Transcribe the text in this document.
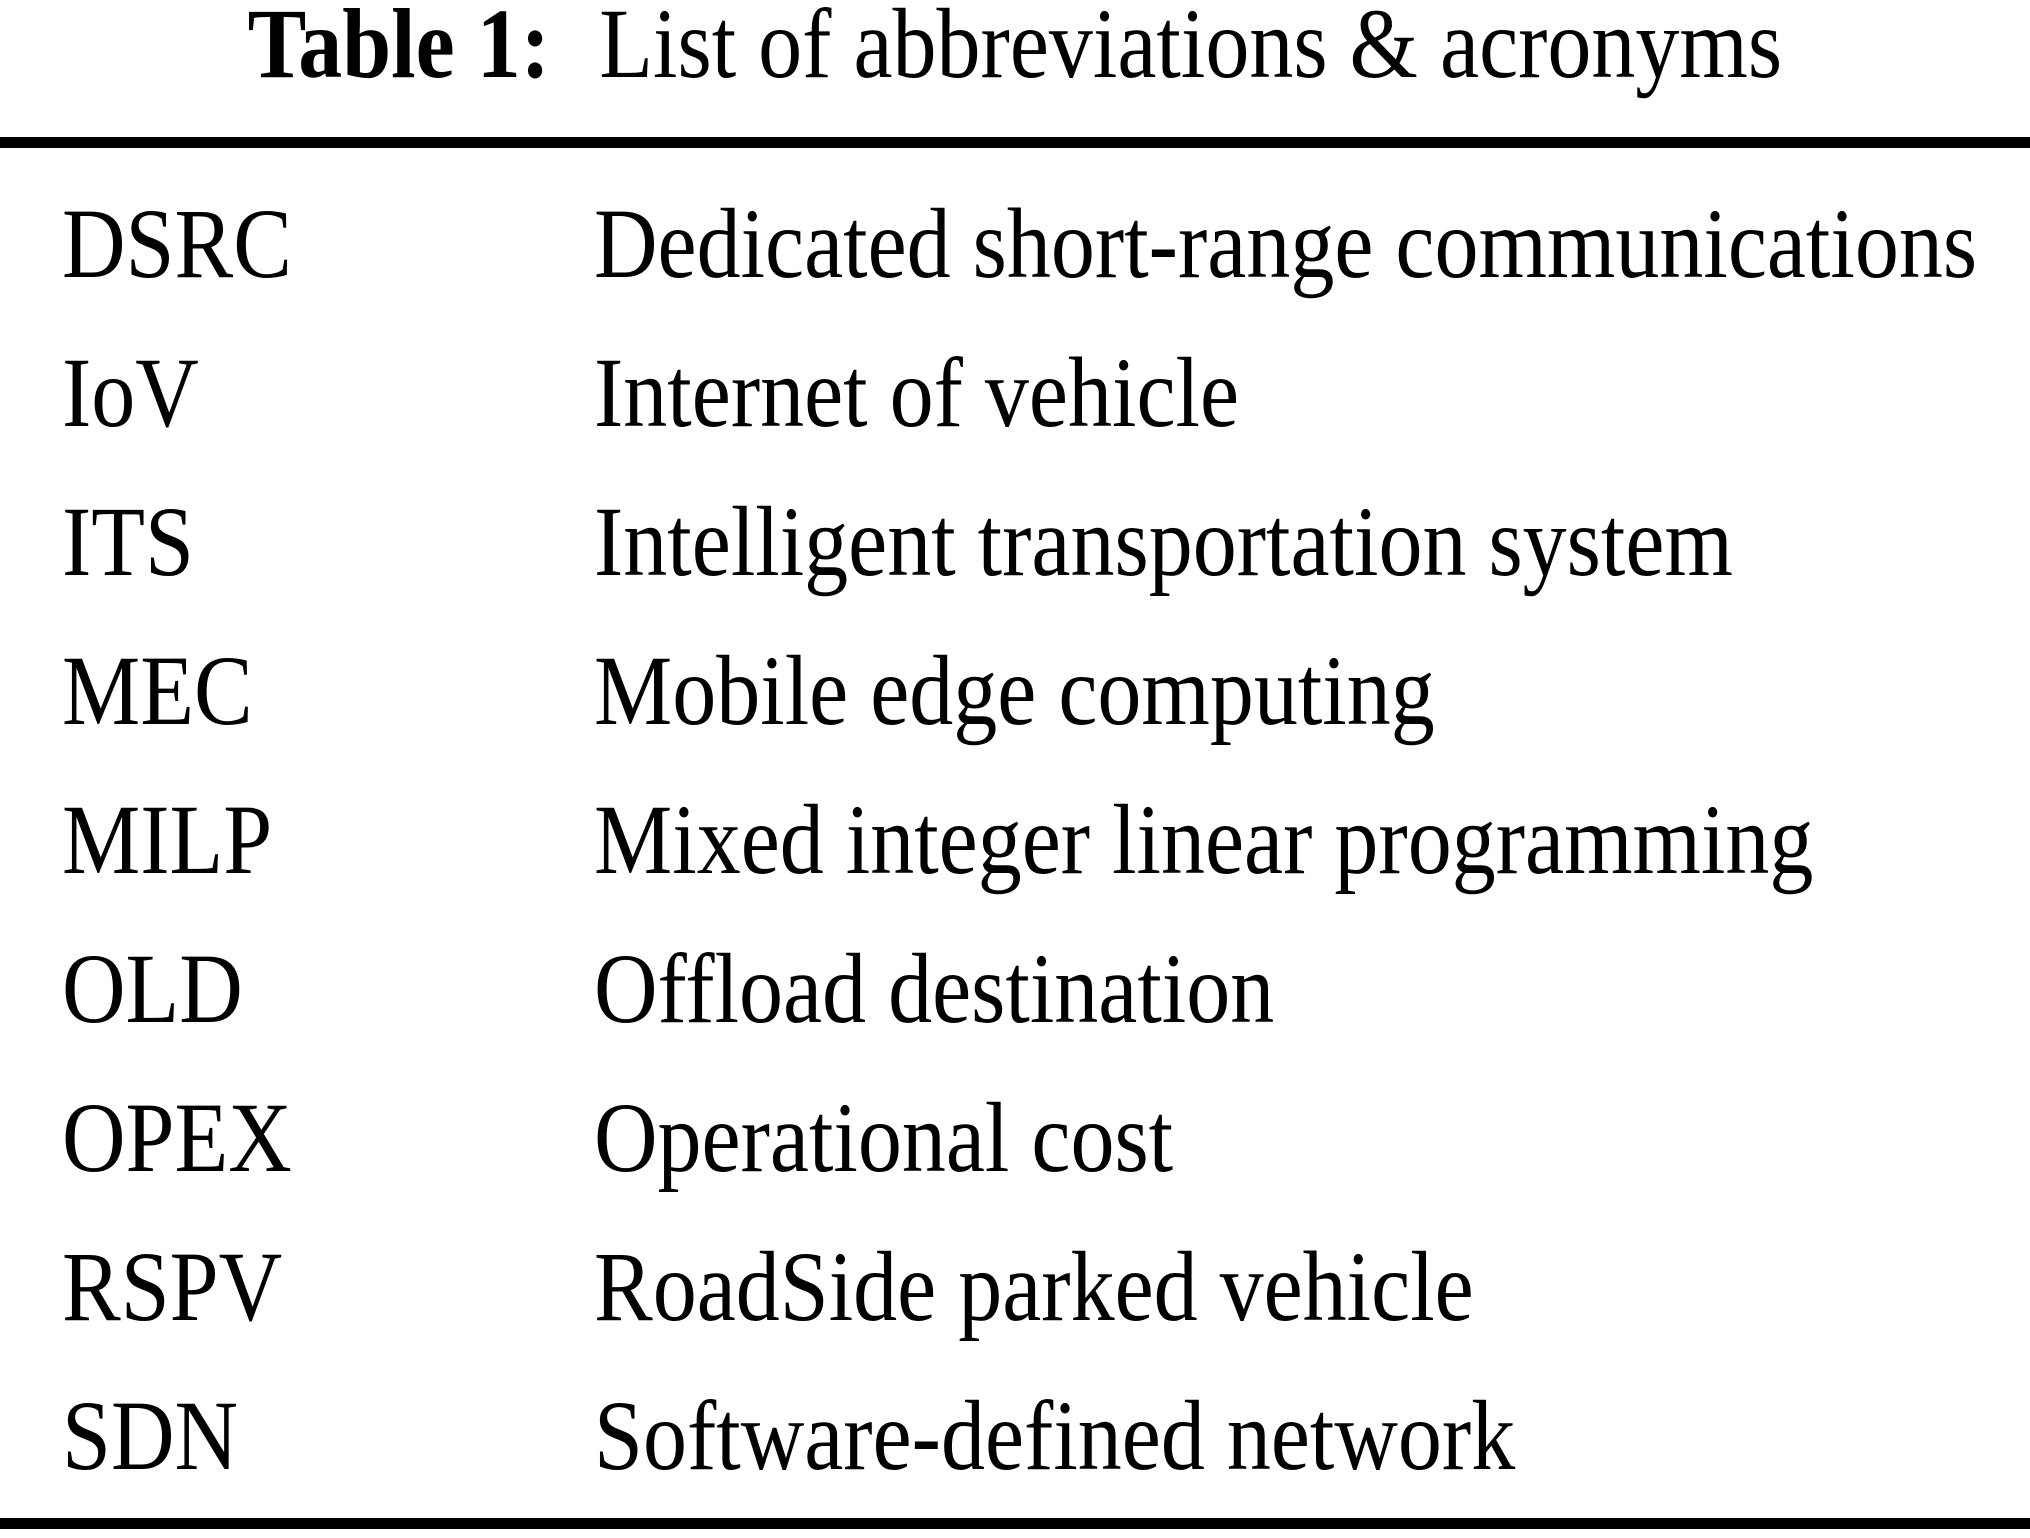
Table 1: List of abbreviations & acronyms
DSRC	Dedicated short-range communications
IoV	Internet of vehicle
ITS	Intelligent transportation system
MEC	Mobile edge computing
MILP	Mixed integer linear programming
OLD	Offload destination
OPEX	Operational cost
RSPV	RoadSide parked vehicle
SDN	Software-defined network
